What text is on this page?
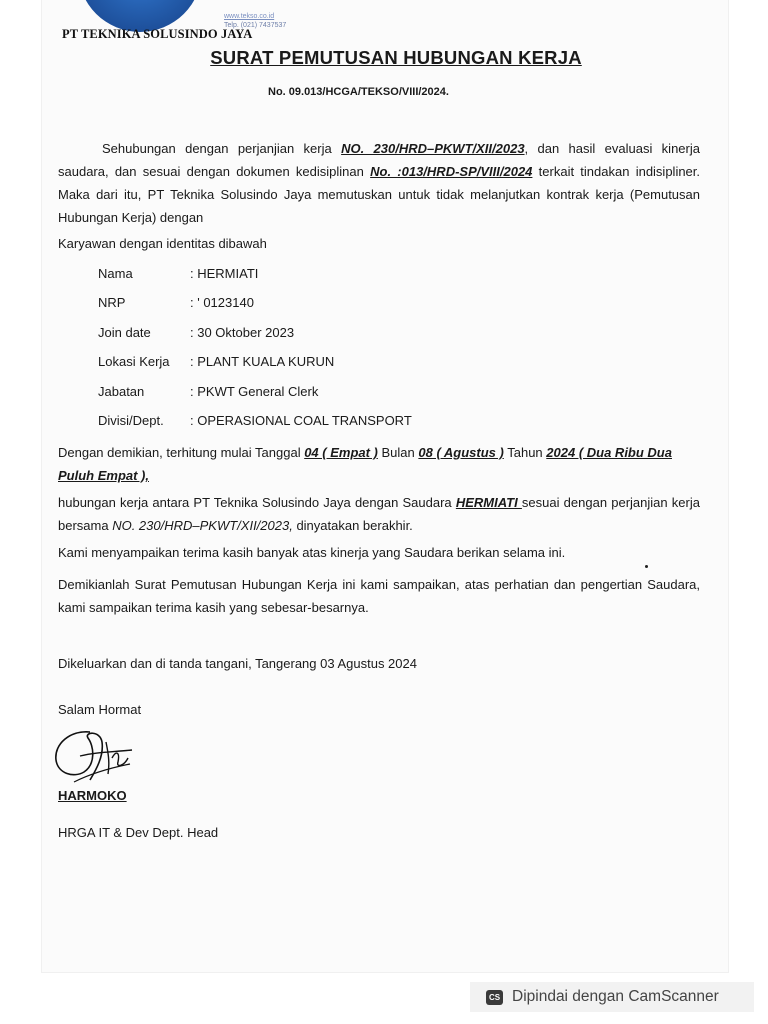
PT TEKNIKA SOLUSINDO JAYA
www.tekso.co.id
Telp. (021) 7437537
SURAT PEMUTUSAN HUBUNGAN KERJA
No. 09.013/HCGA/TEKSO/VIII/2024.
Sehubungan dengan perjanjian kerja NO. 230/HRD–PKWT/XII/2023, dan hasil evaluasi kinerja saudara, dan sesuai dengan dokumen kedisiplinan No. :013/HRD-SP/VIII/2024 terkait tindakan indisipliner. Maka dari itu, PT Teknika Solusindo Jaya memutuskan untuk tidak melanjutkan kontrak kerja (Pemutusan Hubungan Kerja) dengan
Karyawan dengan identitas dibawah
Nama	: HERMIATI
NRP	: ' 0123140
Join date	: 30 Oktober 2023
Lokasi Kerja : PLANT KUALA KURUN
Jabatan	: PKWT General Clerk
Divisi/Dept. : OPERASIONAL COAL TRANSPORT
Dengan demikian, terhitung mulai Tanggal 04 ( Empat ) Bulan 08 ( Agustus ) Tahun 2024 ( Dua Ribu Dua Puluh Empat ),
hubungan kerja antara PT Teknika Solusindo Jaya dengan Saudara HERMIATI sesuai dengan perjanjian kerja bersama NO. 230/HRD–PKWT/XII/2023, dinyatakan berakhir.
Kami menyampaikan terima kasih banyak atas kinerja yang Saudara berikan selama ini.
Demikianlah Surat Pemutusan Hubungan Kerja ini kami sampaikan, atas perhatian dan pengertian Saudara, kami sampaikan terima kasih yang sebesar-besarnya.
Dikeluarkan dan di tanda tangani, Tangerang 03 Agustus 2024
Salam Hormat
HARMOKO
HRGA IT & Dev Dept. Head
CS Dipindai dengan CamScanner
